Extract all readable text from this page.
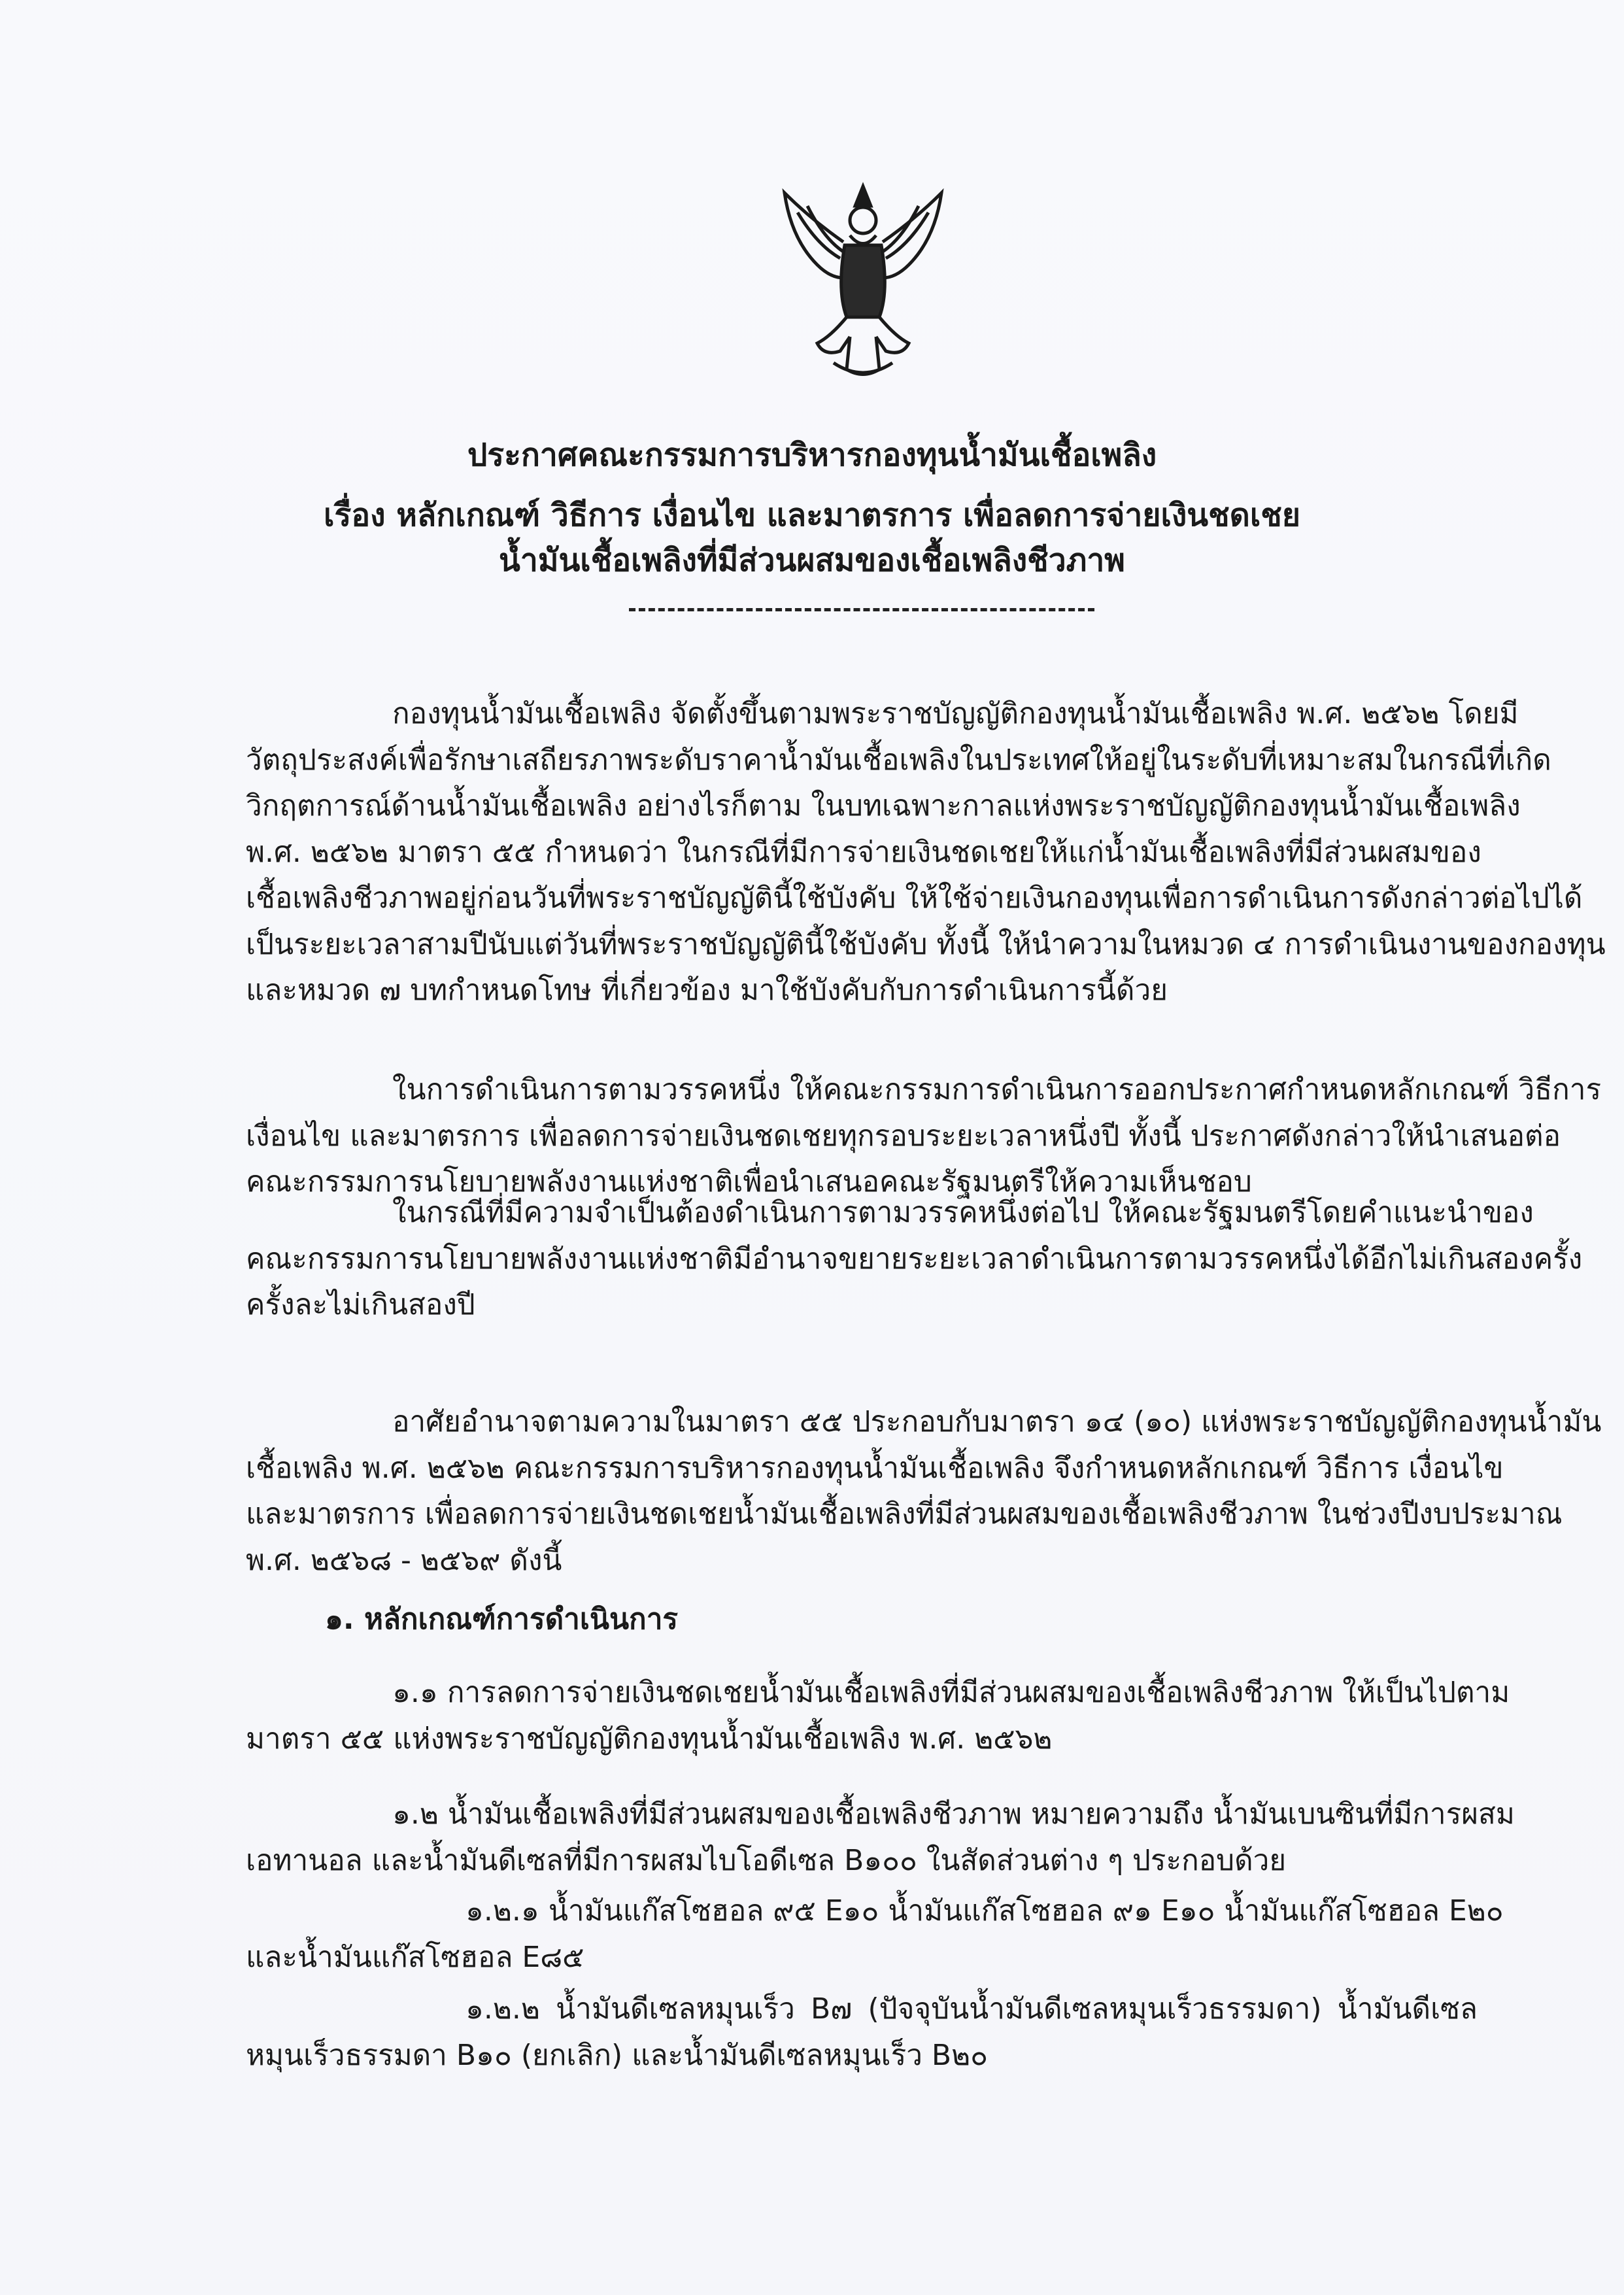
ประกาศคณะกรรมการบริหารกองทุนน้ำมันเชื้อเพลิง
เรื่อง หลักเกณฑ์ วิธีการ เงื่อนไข และมาตรการ เพื่อลดการจ่ายเงินชดเชย
น้ำมันเชื้อเพลิงที่มีส่วนผสมของเชื้อเพลิงชีวภาพ
กองทุนน้ำมันเชื้อเพลิง จัดตั้งขึ้นตามพระราชบัญญัติกองทุนน้ำมันเชื้อเพลิง พ.ศ. ๒๕๖๒ โดยมี
วัตถุประสงค์เพื่อรักษาเสถียรภาพระดับราคาน้ำมันเชื้อเพลิงในประเทศให้อยู่ในระดับที่เหมาะสมในกรณีที่เกิด
วิกฤตการณ์ด้านน้ำมันเชื้อเพลิง อย่างไรก็ตาม ในบทเฉพาะกาลแห่งพระราชบัญญัติกองทุนน้ำมันเชื้อเพลิง
พ.ศ. ๒๕๖๒ มาตรา ๕๕ กำหนดว่า ในกรณีที่มีการจ่ายเงินชดเชยให้แก่น้ำมันเชื้อเพลิงที่มีส่วนผสมของ
เชื้อเพลิงชีวภาพอยู่ก่อนวันที่พระราชบัญญัตินี้ใช้บังคับ ให้ใช้จ่ายเงินกองทุนเพื่อการดำเนินการดังกล่าวต่อไปได้
เป็นระยะเวลาสามปีนับแต่วันที่พระราชบัญญัตินี้ใช้บังคับ ทั้งนี้ ให้นำความในหมวด ๔ การดำเนินงานของกองทุน
และหมวด ๗ บทกำหนดโทษ ที่เกี่ยวข้อง มาใช้บังคับกับการดำเนินการนี้ด้วย
ในการดำเนินการตามวรรคหนึ่ง ให้คณะกรรมการดำเนินการออกประกาศกำหนดหลักเกณฑ์ วิธีการ
เงื่อนไข และมาตรการ เพื่อลดการจ่ายเงินชดเชยทุกรอบระยะเวลาหนึ่งปี ทั้งนี้ ประกาศดังกล่าวให้นำเสนอต่อ
คณะกรรมการนโยบายพลังงานแห่งชาติเพื่อนำเสนอคณะรัฐมนตรีให้ความเห็นชอบ
ในกรณีที่มีความจำเป็นต้องดำเนินการตามวรรคหนึ่งต่อไป ให้คณะรัฐมนตรีโดยคำแนะนำของ
คณะกรรมการนโยบายพลังงานแห่งชาติมีอำนาจขยายระยะเวลาดำเนินการตามวรรคหนึ่งได้อีกไม่เกินสองครั้ง
ครั้งละไม่เกินสองปี
อาศัยอำนาจตามความในมาตรา ๕๕ ประกอบกับมาตรา ๑๔ (๑๐) แห่งพระราชบัญญัติกองทุนน้ำมัน
เชื้อเพลิง พ.ศ. ๒๕๖๒ คณะกรรมการบริหารกองทุนน้ำมันเชื้อเพลิง จึงกำหนดหลักเกณฑ์ วิธีการ เงื่อนไข
และมาตรการ เพื่อลดการจ่ายเงินชดเชยน้ำมันเชื้อเพลิงที่มีส่วนผสมของเชื้อเพลิงชีวภาพ ในช่วงปีงบประมาณ
พ.ศ. ๒๕๖๘ - ๒๕๖๙ ดังนี้
๑. หลักเกณฑ์การดำเนินการ
๑.๑ การลดการจ่ายเงินชดเชยน้ำมันเชื้อเพลิงที่มีส่วนผสมของเชื้อเพลิงชีวภาพ ให้เป็นไปตาม
มาตรา ๕๕ แห่งพระราชบัญญัติกองทุนน้ำมันเชื้อเพลิง พ.ศ. ๒๕๖๒
๑.๒ น้ำมันเชื้อเพลิงที่มีส่วนผสมของเชื้อเพลิงชีวภาพ หมายความถึง น้ำมันเบนซินที่มีการผสม
เอทานอล และน้ำมันดีเซลที่มีการผสมไบโอดีเซล B๑๐๐ ในสัดส่วนต่าง ๆ ประกอบด้วย
๑.๒.๑ น้ำมันแก๊สโซฮอล ๙๕ E๑๐ น้ำมันแก๊สโซฮอล ๙๑ E๑๐ น้ำมันแก๊สโซฮอล E๒๐
และน้ำมันแก๊สโซฮอล E๘๕
๑.๒.๒ น้ำมันดีเซลหมุนเร็ว B๗ (ปัจจุบันน้ำมันดีเซลหมุนเร็วธรรมดา) น้ำมันดีเซล
หมุนเร็วธรรมดา B๑๐ (ยกเลิก) และน้ำมันดีเซลหมุนเร็ว B๒๐
